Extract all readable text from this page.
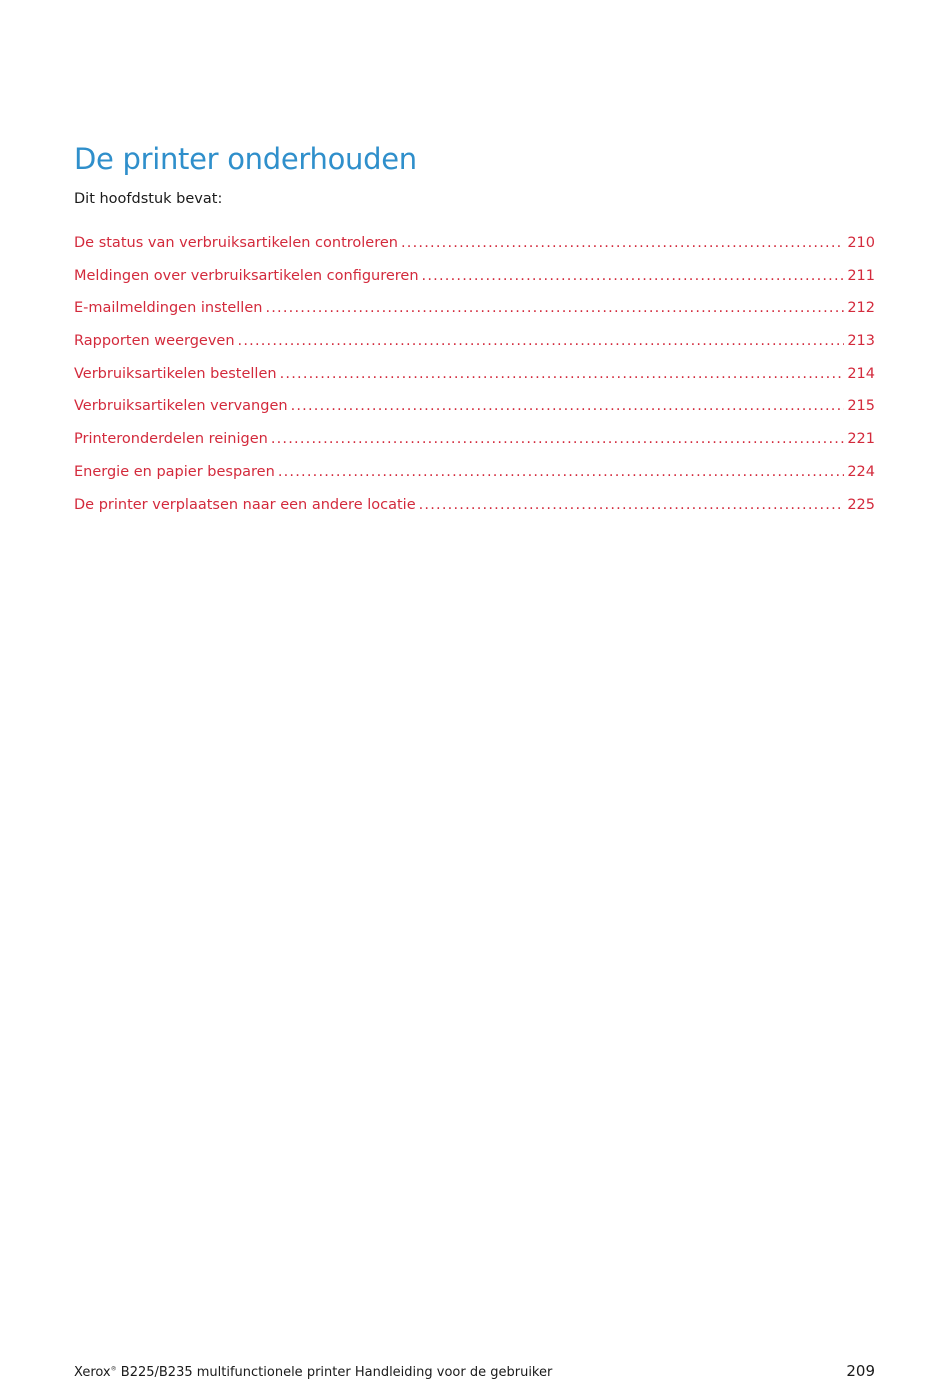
De printer onderhouden

Dit hoofdstuk bevat:

De status van verbruiksartikelen controleren .....	210
Meldingen over verbruiksartikelen configureren .....	211
E-mailmeldingen instellen .....	212
Rapporten weergeven .....	213
Verbruiksartikelen bestellen .....	214
Verbruiksartikelen vervangen .....	215
Printeronderdelen reinigen .....	221
Energie en papier besparen .....	224
De printer verplaatsen naar een andere locatie .....	225
Xerox® B225/B235 multifunctionele printer Handleiding voor de gebruiker	209
